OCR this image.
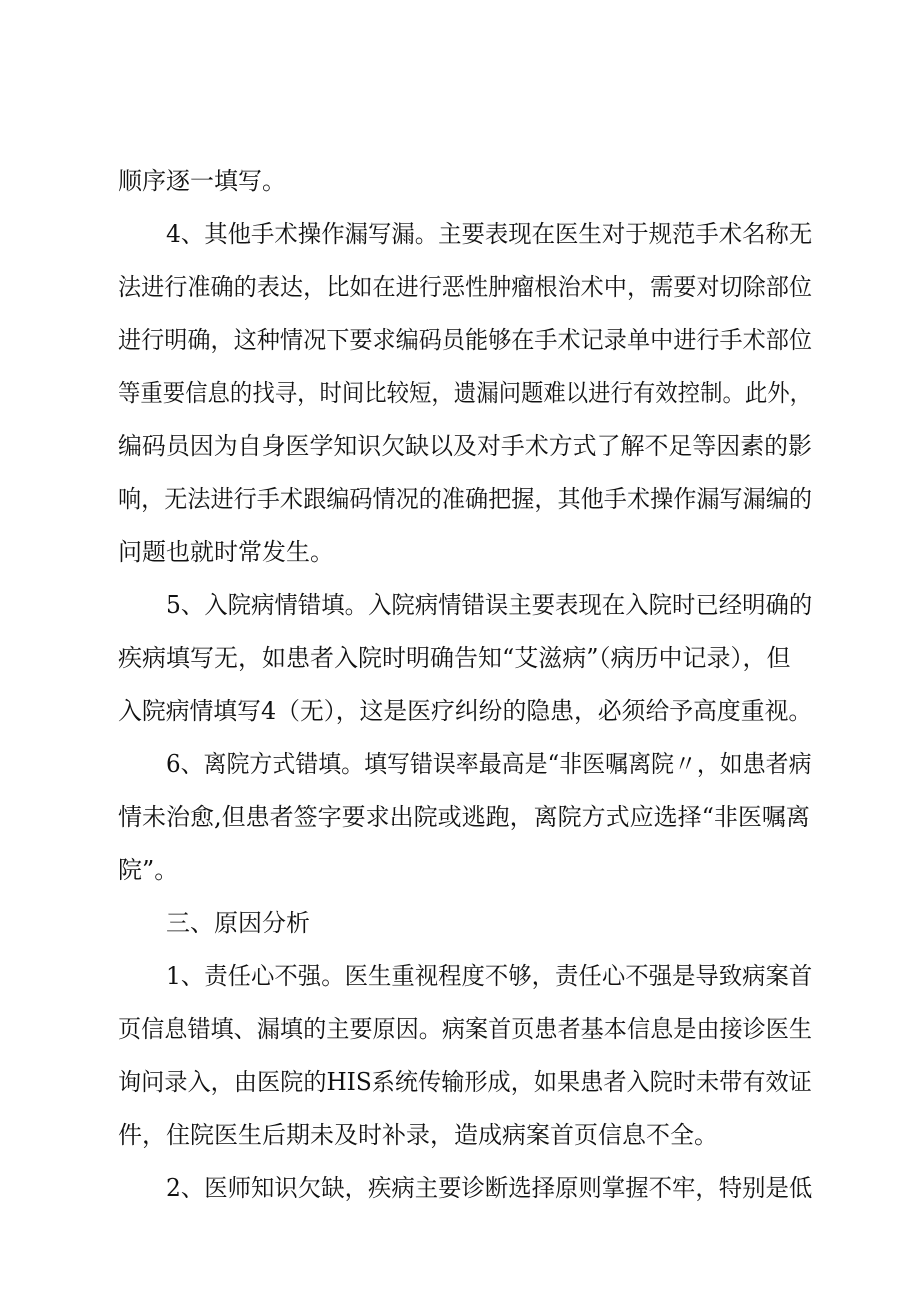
顺序逐一填写。
4、其他手术操作漏写漏。主要表现在医生对于规范手术名称无
法进行准确的表达，比如在进行恶性肿瘤根治术中，需要对切除部位
进行明确，这种情况下要求编码员能够在手术记录单中进行手术部位
等重要信息的找寻，时间比较短，遗漏问题难以进行有效控制。此外，
编码员因为自身医学知识欠缺以及对手术方式了解不足等因素的影
响，无法进行手术跟编码情况的准确把握，其他手术操作漏写漏编的
问题也就时常发生。
5、入院病情错填。入院病情错误主要表现在入院时已经明确的
疾病填写无，如患者入院时明确告知“艾滋病”（病历中记录），但
入院病情填写4（无），这是医疗纠纷的隐患，必须给予高度重视。
6、离院方式错填。填写错误率最高是“非医嘱离院〃，如患者病
情未治愈,但患者签字要求出院或逃跑，离院方式应选择“非医嘱离
院”。
三、原因分析
1、责任心不强。医生重视程度不够，责任心不强是导致病案首
页信息错填、漏填的主要原因。病案首页患者基本信息是由接诊医生
询问录入，由医院的HIS系统传输形成，如果患者入院时未带有效证
件，住院医生后期未及时补录，造成病案首页信息不全。
2、医师知识欠缺，疾病主要诊断选择原则掌握不牢，特别是低
